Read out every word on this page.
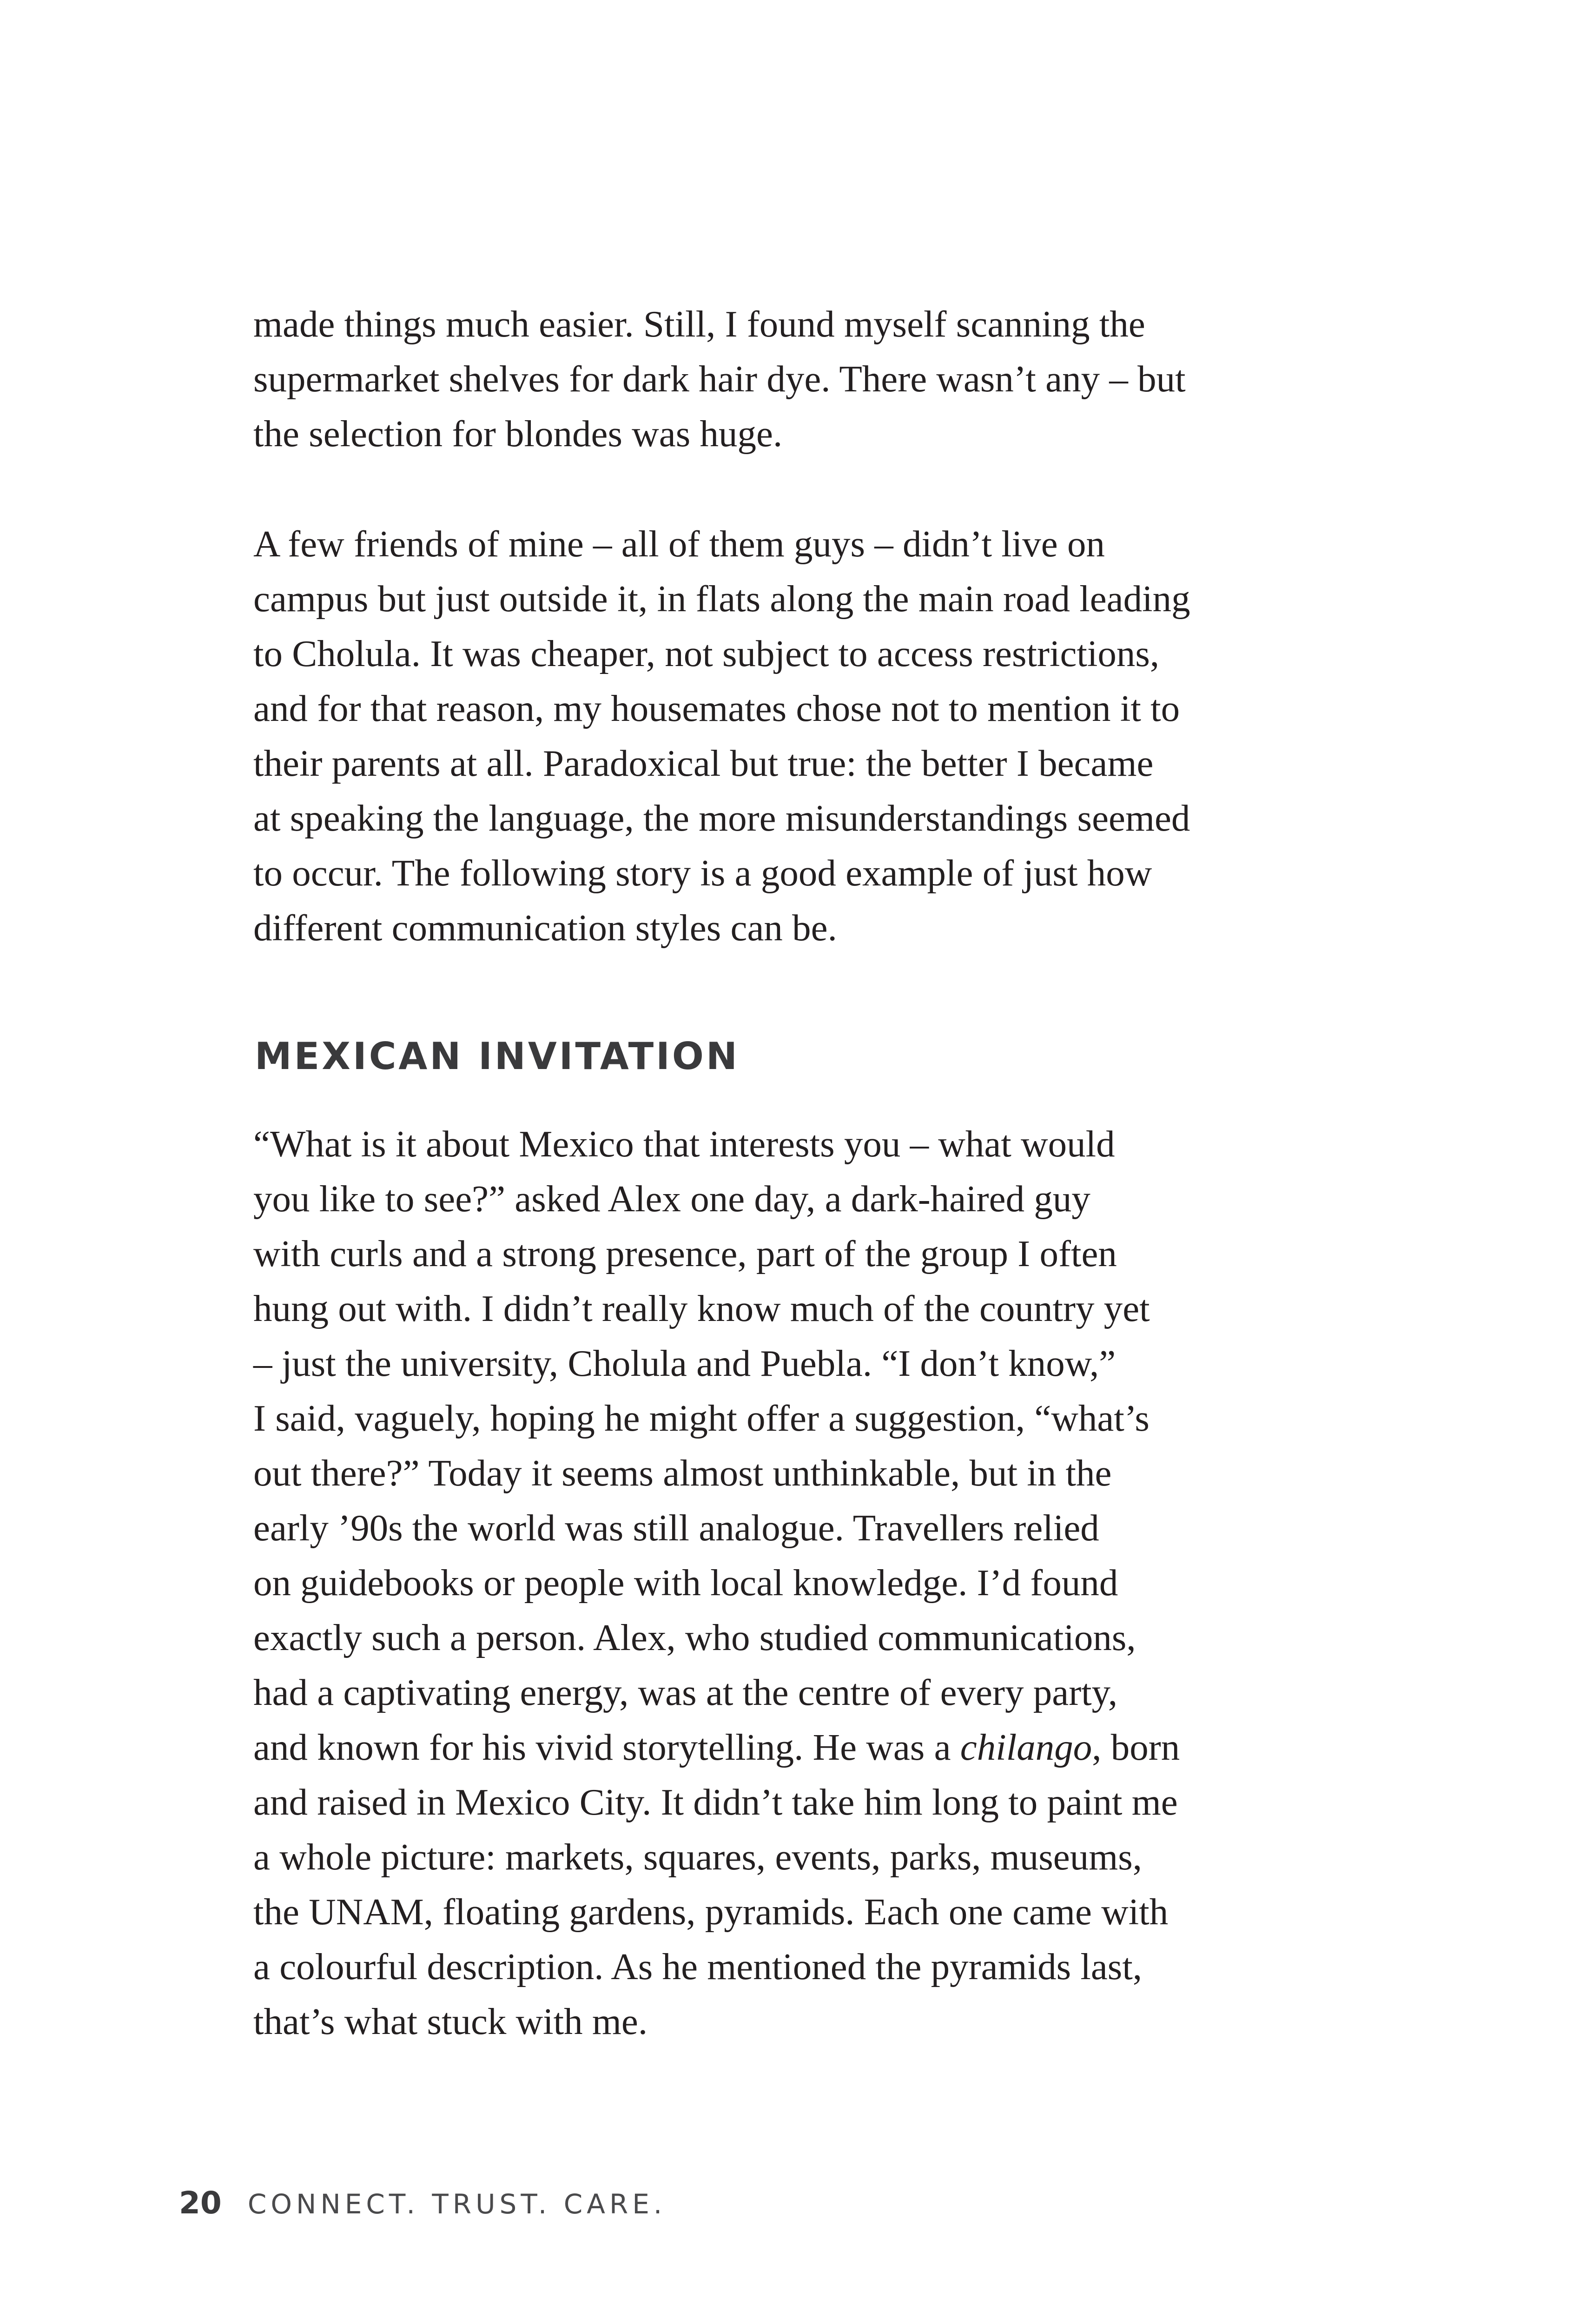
made things much easier. Still, I found myself scanning the
supermarket shelves for dark hair dye. There wasn’t any – but
the selection for blondes was huge.

A few friends of mine – all of them guys – didn’t live on
campus but just outside it, in flats along the main road leading
to Cholula. It was cheaper, not subject to access restrictions,
and for that reason, my housemates chose not to mention it to
their parents at all. Paradoxical but true: the better I became
at speaking the language, the more misunderstandings seemed
to occur. The following story is a good example of just how
different communication styles can be.

MEXICAN INVITATION

“What is it about Mexico that interests you – what would
you like to see?” asked Alex one day, a dark-haired guy
with curls and a strong presence, part of the group I often
hung out with. I didn’t really know much of the country yet
– just the university, Cholula and Puebla. “I don’t know,”
I said, vaguely, hoping he might offer a suggestion, “what’s
out there?” Today it seems almost unthinkable, but in the
early ’90s the world was still analogue. Travellers relied
on guidebooks or people with local knowledge. I’d found
exactly such a person. Alex, who studied communications,
had a captivating energy, was at the centre of every party,
and known for his vivid storytelling. He was a chilango, born
and raised in Mexico City. It didn’t take him long to paint me
a whole picture: markets, squares, events, parks, museums,
the UNAM, floating gardens, pyramids. Each one came with
a colourful description. As he mentioned the pyramids last,
that’s what stuck with me.

20 CONNECT. TRUST. CARE.
